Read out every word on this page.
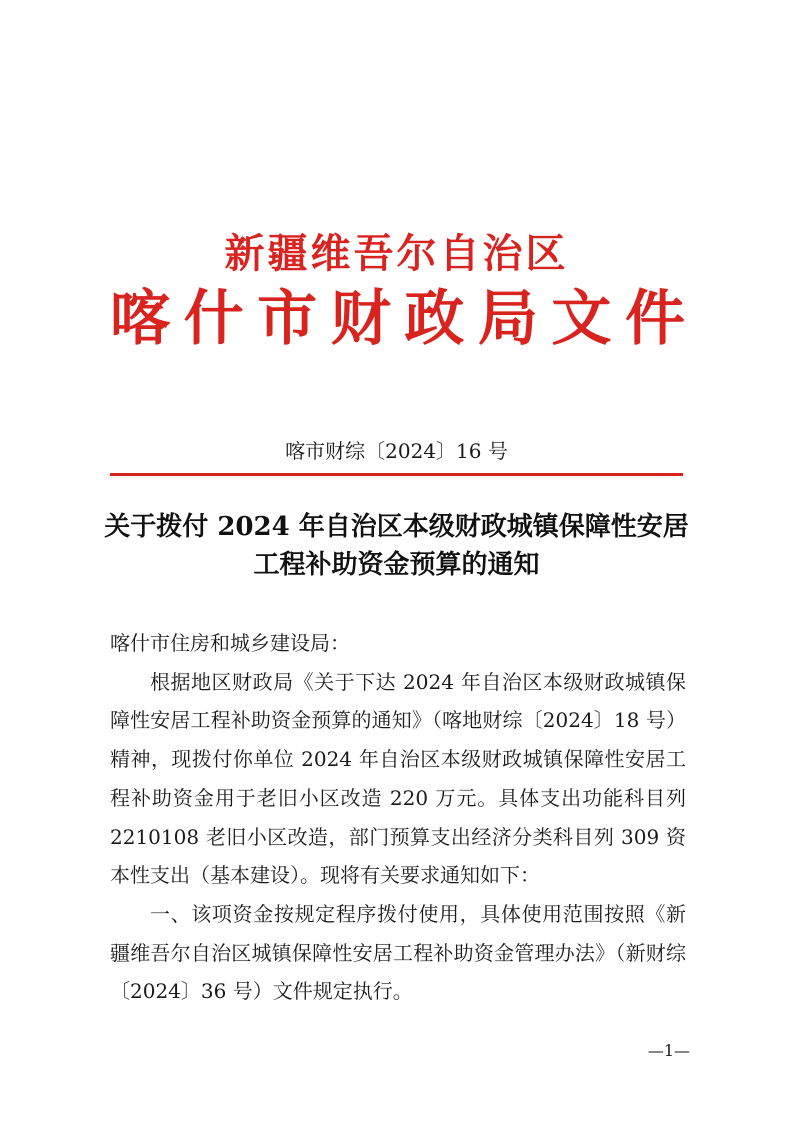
新疆维吾尔自治区
喀 什 市 财 政 局 文 件
喀市财综〔2024〕16 号
关于拨付 2024 年自治区本级财政城镇保障性安居
工程补助资金预算的通知

喀什市住房和城乡建设局：

根据地区财政局《关于下达 2024 年自治区本级财政城镇保障性安居工程补助资金预算的通知》（喀地财综〔2024〕18 号）精神，现拨付你单位 2024 年自治区本级财政城镇保障性安居工程补助资金用于老旧小区改造 220 万元。具体支出功能科目列 2210108 老旧小区改造，部门预算支出经济分类科目列 309 资本性支出（基本建设）。现将有关要求通知如下：

一、该项资金按规定程序拨付使用，具体使用范围按照《新疆维吾尔自治区城镇保障性安居工程补助资金管理办法》（新财综〔2024〕36 号）文件规定执行。

—1—
